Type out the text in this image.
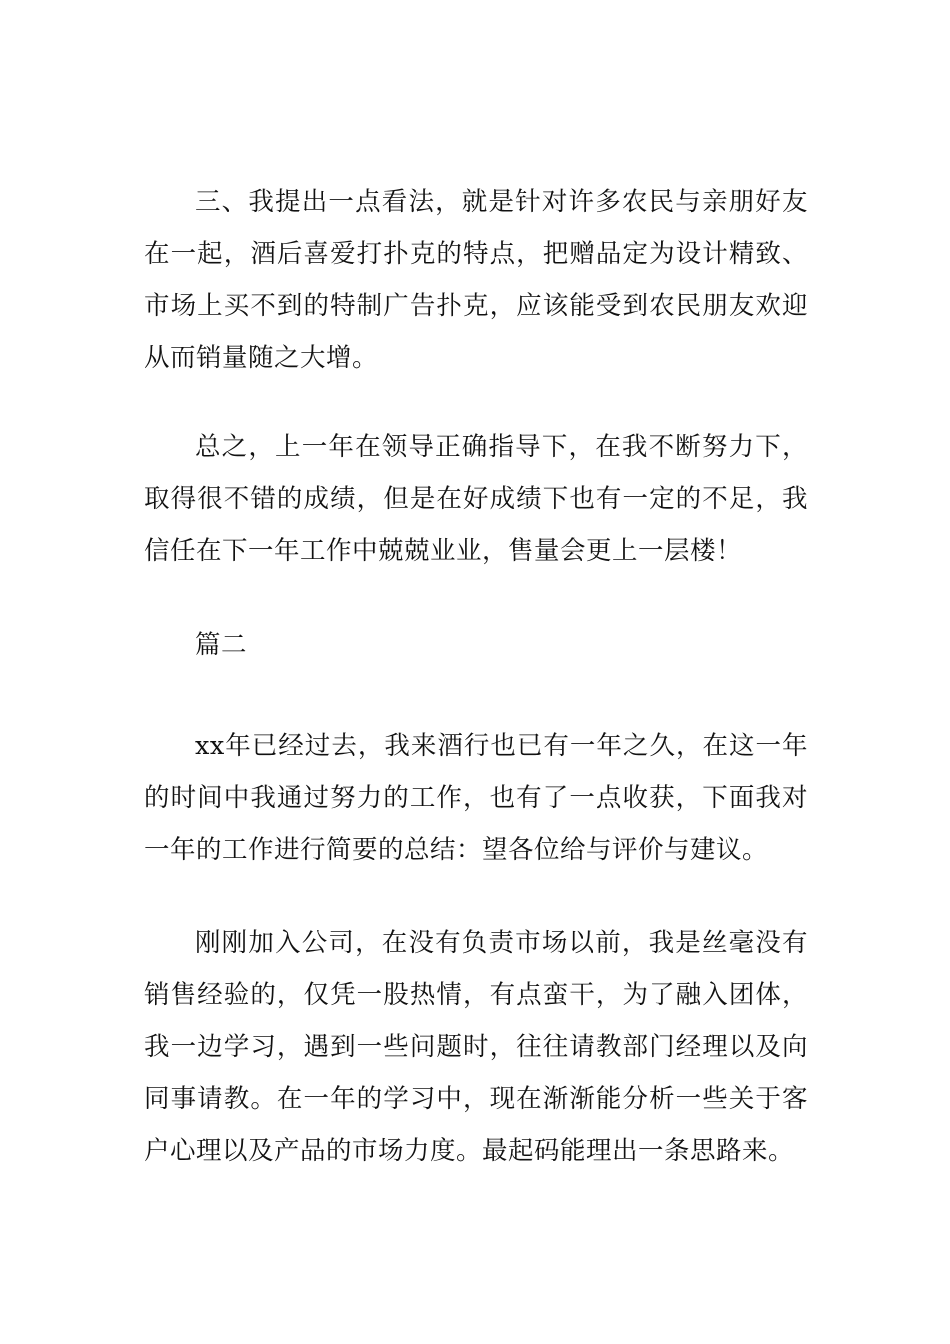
三、我提出一点看法，就是针对许多农民与亲朋好友在一起，酒后喜爱打扑克的特点，把赠品定为设计精致、市场上买不到的特制广告扑克，应该能受到农民朋友欢迎从而销量随之大增。

总之，上一年在领导正确指导下，在我不断努力下，取得很不错的成绩，但是在好成绩下也有一定的不足，我信任在下一年工作中兢兢业业，售量会更上一层楼！

篇二

xx年已经过去，我来酒行也已有一年之久，在这一年的时间中我通过努力的工作，也有了一点收获，下面我对一年的工作进行简要的总结：望各位给与评价与建议。

刚刚加入公司，在没有负责市场以前，我是丝毫没有销售经验的，仅凭一股热情，有点蛮干，为了融入团体，我一边学习，遇到一些问题时，往往请教部门经理以及向同事请教。在一年的学习中，现在渐渐能分析一些关于客户心理以及产品的市场力度。最起码能理出一条思路来。
